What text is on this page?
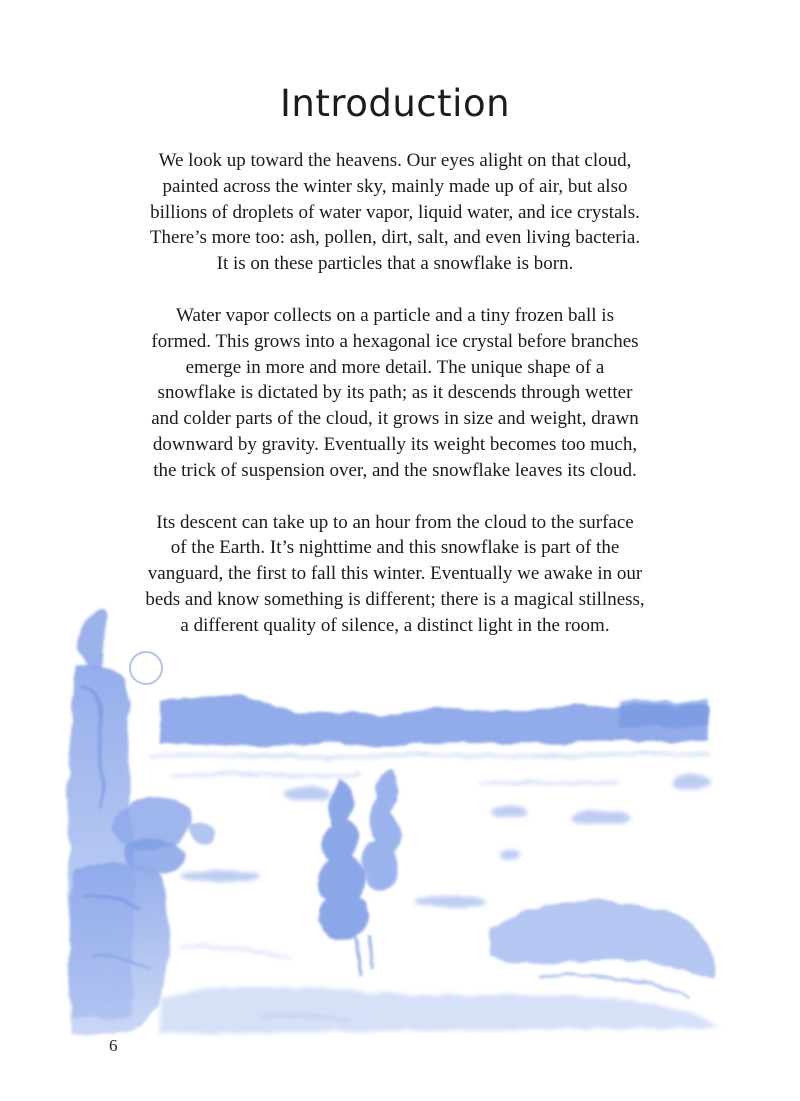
Introduction

We look up toward the heavens. Our eyes alight on that cloud,
painted across the winter sky, mainly made up of air, but also
billions of droplets of water vapor, liquid water, and ice crystals.
There’s more too: ash, pollen, dirt, salt, and even living bacteria.
It is on these particles that a snowflake is born.

Water vapor collects on a particle and a tiny frozen ball is
formed. This grows into a hexagonal ice crystal before branches
emerge in more and more detail. The unique shape of a
snowflake is dictated by its path; as it descends through wetter
and colder parts of the cloud, it grows in size and weight, drawn
downward by gravity. Eventually its weight becomes too much,
the trick of suspension over, and the snowflake leaves its cloud.

Its descent can take up to an hour from the cloud to the surface
of the Earth. It’s nighttime and this snowflake is part of the
vanguard, the first to fall this winter. Eventually we awake in our
beds and know something is different; there is a magical stillness,
a different quality of silence, a distinct light in the room.

6
